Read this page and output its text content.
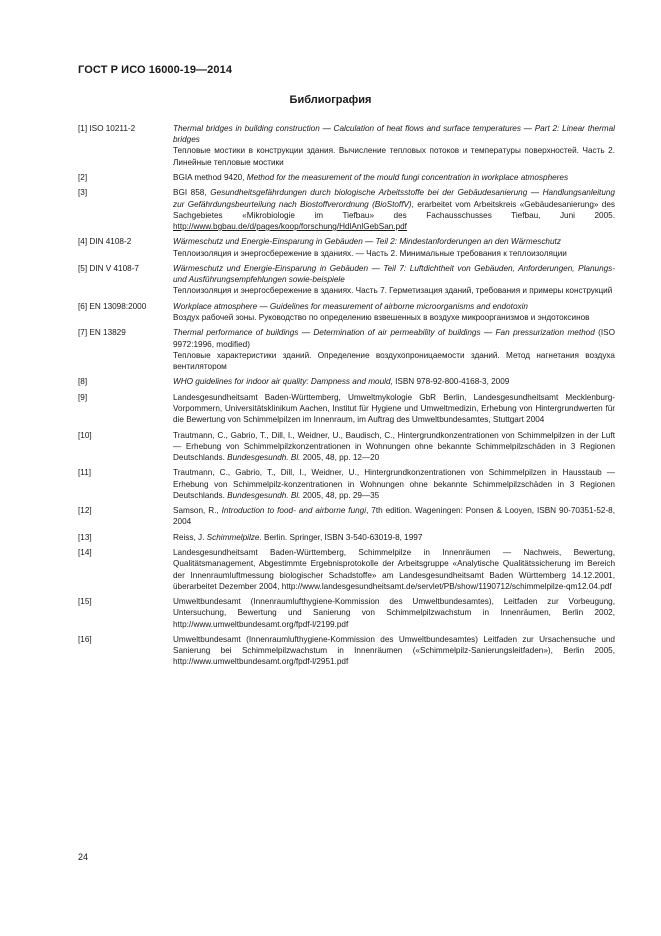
ГОСТ Р ИСО 16000-19—2014
Библиография
[1] ISO 10211-2	Thermal bridges in building construction — Calculation of heat flows and surface temperatures — Part 2: Linear thermal bridges
Тепловые мостики в конструкции здания. Вычисление тепловых потоков и температуры поверхностей. Часть 2. Линейные тепловые мостики
[2]	BGIA method 9420, Method for the measurement of the mould fungi concentration in workplace atmospheres
[3]	BGI 858, Gesundheitsgefährdungen durch biologische Arbeitsstoffe bei der Gebäudesanierung — Handlungsanleitung zur Gefährdungsbeurteilung nach Biostoffverordnung (BioStoffV), erarbeitet vom Arbeitskreis «Gebäudesanierung» des Sachgebietes «Mikrobiologie im Tiefbau» des Fachausschusses Tiefbau, Juni 2005. http://www.bgbau.de/d/pages/koop/forschung/HdlAnlGebSan.pdf
[4] DIN 4108-2	Wärmeschutz und Energie-Einsparung in Gebäuden — Teil 2: Mindestanforderungen an den Wärmeschutz
Теплоизоляция и энергосбережение в зданиях. — Часть 2. Минимальные требования к теплоизоляции
[5] DIN V 4108-7	Wärmeschutz und Energie-Einsparung in Gebäuden — Teil 7: Luftdichtheit von Gebäuden, Anforderungen, Planungs- und Ausführungsempfehlungen sowie-beispiele
Теплоизоляция и энергосбережение в зданиях. Часть 7. Герметизация зданий, требования и примеры конструкций
[6] EN 13098:2000	Workplace atmosphere — Guidelines for measurement of airborne microorganisms and endotoxin
Воздух рабочей зоны. Руководство по определению взвешенных в воздухе микроорганизмов и эндотоксинов
[7] EN 13829	Thermal performance of buildings — Determination of air permeability of buildings — Fan pressurization method (ISO 9972:1996, modified)
Тепловые характеристики зданий. Определение воздухопроницаемости зданий. Метод нагнетания воздуха вентилятором
[8]	WHO guidelines for indoor air quality: Dampness and mould, ISBN 978-92-800-4168-3, 2009
[9]	Landesgesundheitsamt Baden-Württemberg, Umweltmykologie GbR Berlin, Landesgesundheitsamt Mecklenburg-Vorpommern, Universitätsklinikum Aachen, Institut für Hygiene und Umweltmedizin, Erhebung von Hintergrundwerten für die Bewertung von Schimmelpilzen im Innenraum, im Auftrag des Umweltbundesamtes, Stuttgart 2004
[10]	Trautmann, C., Gabrio, T., Dill, I., Weidner, U., Baudisch, C., Hintergrundkonzentrationen von Schimmelpilzen in der Luft — Erhebung von Schimmelpilzkonzentrationen in Wohnungen ohne bekannte Schimmelpilzschäden in 3 Regionen Deutschlands. Bundesgesundh. Bl. 2005, 48, pp. 12—20
[11]	Trautmann, C., Gabrio, T., Dill, I., Weidner, U., Hintergrundkonzentrationen von Schimmelpilzen in Hausstaub — Erhebung von Schimmelpilz-konzentrationen in Wohnungen ohne bekannte Schimmelpilzschäden in 3 Regionen Deutschlands. Bundesgesundh. Bl. 2005, 48, pp. 29—35
[12]	Samson, R., Introduction to food- and airborne fungi, 7th edition. Wageningen: Ponsen & Looyen, ISBN 90-70351-52-8, 2004
[13]	Reiss, J. Schimmelpilze. Berlin. Springer, ISBN 3-540-63019-8, 1997
[14]	Landesgesundheitsamt Baden-Württemberg, Schimmelpilze in Innenräumen — Nachweis, Bewertung, Qualitätsmanagement, Abgestimmte Ergebnisprotokolle der Arbeitsgruppe «Analytische Qualitätssicherung im Bereich der Innenraumluftmessung biologischer Schadstoffe» am Landesgesundheitsamt Baden Württemberg 14.12.2001, überarbeitet Dezember 2004, http://www.landesgesundheitsamt.de/servlet/PB/show/1190712/schimmelpilze-qm12.04.pdf
[15]	Umweltbundesamt (Innenraumlufthygiene-Kommission des Umweltbundesamtes), Leitfaden zur Vorbeugung, Untersuchung, Bewertung und Sanierung von Schimmelpilzwachstum in Innenräumen, Berlin 2002, http://www.umweltbundesamt.org/fpdf-l/2199.pdf
[16]	Umweltbundesamt (Innenraumlufthygiene-Kommission des Umweltbundesamtes) Leitfaden zur Ursachensuche und Sanierung bei Schimmelpilzwachstum in Innenräumen («Schimmelpilz-Sanierungsleitfaden»), Berlin 2005, http://www.umweltbundesamt.org/fpdf-l/2951.pdf
24
